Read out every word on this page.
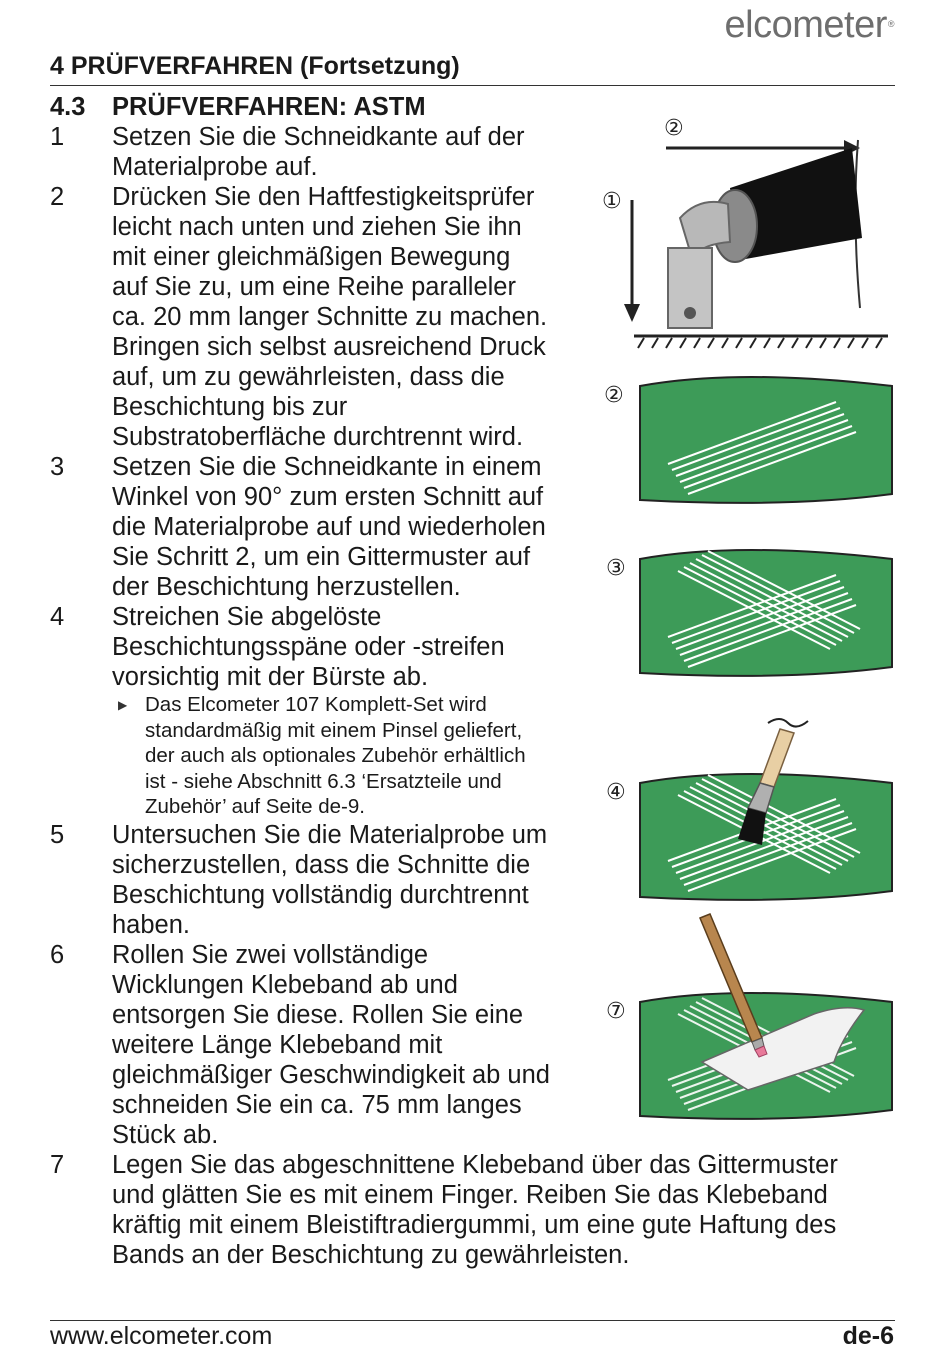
elcometer®
4 PRÜFVERFAHREN (Fortsetzung)
4.3 PRÜFVERFAHREN: ASTM
1 Setzen Sie die Schneidkante auf der
Materialprobe auf.
2 Drücken Sie den Haftfestigkeitsprüfer
leicht nach unten und ziehen Sie ihn
mit einer gleichmäßigen Bewegung
auf Sie zu, um eine Reihe paralleler
ca. 20 mm langer Schnitte zu machen.
Bringen sich selbst ausreichend Druck
auf, um zu gewährleisten, dass die
Beschichtung bis zur
Substratoberfläche durchtrennt wird.
3 Setzen Sie die Schneidkante in einem
Winkel von 90° zum ersten Schnitt auf
die Materialprobe auf und wiederholen
Sie Schritt 2, um ein Gittermuster auf
der Beschichtung herzustellen.
4 Streichen Sie abgelöste
Beschichtungsspäne oder -streifen
vorsichtig mit der Bürste ab.
▶ Das Elcometer 107 Komplett-Set wird
standardmäßig mit einem Pinsel geliefert,
der auch als optionales Zubehör erhältlich
ist - siehe Abschnitt 6.3 ‘Ersatzteile und
Zubehör’ auf Seite de-9.
5 Untersuchen Sie die Materialprobe um
sicherzustellen, dass die Schnitte die
Beschichtung vollständig durchtrennt
haben.
6 Rollen Sie zwei vollständige
Wicklungen Klebeband ab und
entsorgen Sie diese. Rollen Sie eine
weitere Länge Klebeband mit
gleichmäßiger Geschwindigkeit ab und
schneiden Sie ein ca. 75 mm langes
Stück ab.
7 Legen Sie das abgeschnittene Klebeband über das Gittermuster
und glätten Sie es mit einem Finger. Reiben Sie das Klebeband
kräftig mit einem Bleistiftradiergummi, um eine gute Haftung des
Bands an der Beschichtung zu gewährleisten.
②
①
②
③
④
⑦
www.elcometer.com	de-6
